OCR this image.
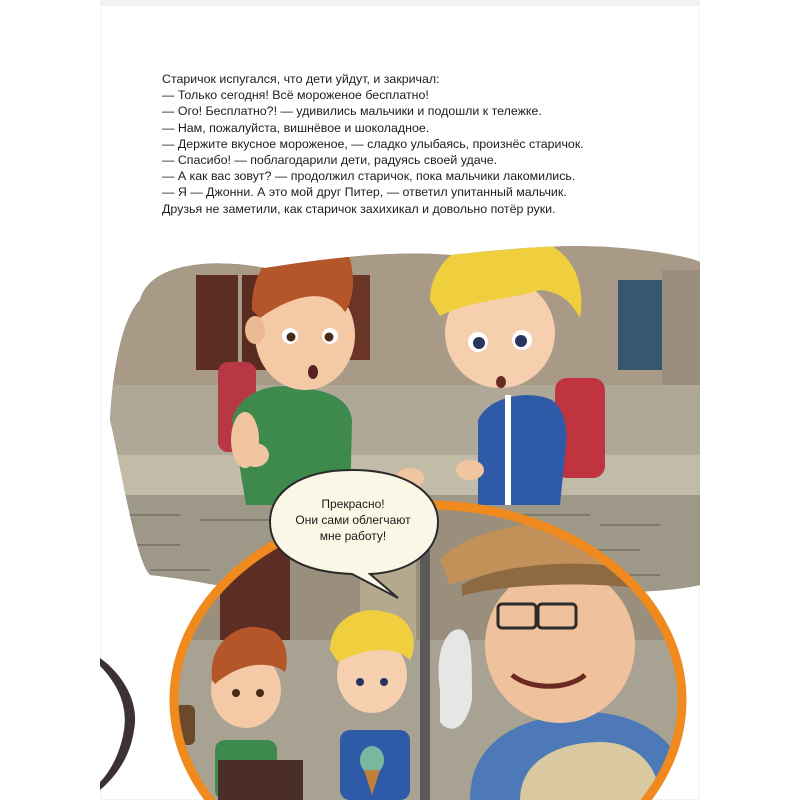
Старичок испугался, что дети уйдут, и закричал:
— Только сегодня! Всё мороженое бесплатно!
— Ого! Бесплатно?! — удивились мальчики и подошли к тележке.
— Нам, пожалуйста, вишнёвое и шоколадное.
— Держите вкусное мороженое, — сладко улыбаясь, произнёс старичок.
— Спасибо! — поблагодарили дети, радуясь своей удаче.
— А как вас зовут? — продолжил старичок, пока мальчики лакомились.
— Я — Джонни. А это мой друг Питер, — ответил упитанный мальчик.
Друзья не заметили, как старичок захихикал и довольно потёр руки.
Прекрасно!
Они сами облегчают
мне работу!
